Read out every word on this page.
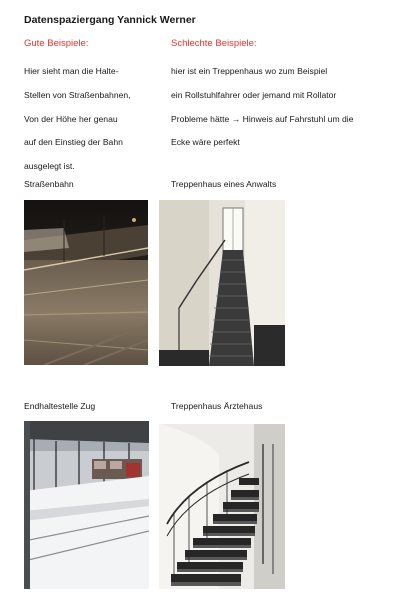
Datenspaziergang Yannick Werner
Gute Beispiele:	Schlechte Beispiele:
Hier sieht man die Halte-
Stellen von Straßenbahnen,
Von der Höhe her genau
auf den Einstieg der Bahn
ausgelegt ist.
hier ist ein Treppenhaus wo zum Beispiel
ein Rollstuhlfahrer oder jemand mit Rollator
Probleme hätte → Hinweis auf Fahrstuhl um die
Ecke wäre perfekt
Straßenbahn	Treppenhaus eines Anwalts
Endhaltestelle Zug	Treppenhaus Ärztehaus
